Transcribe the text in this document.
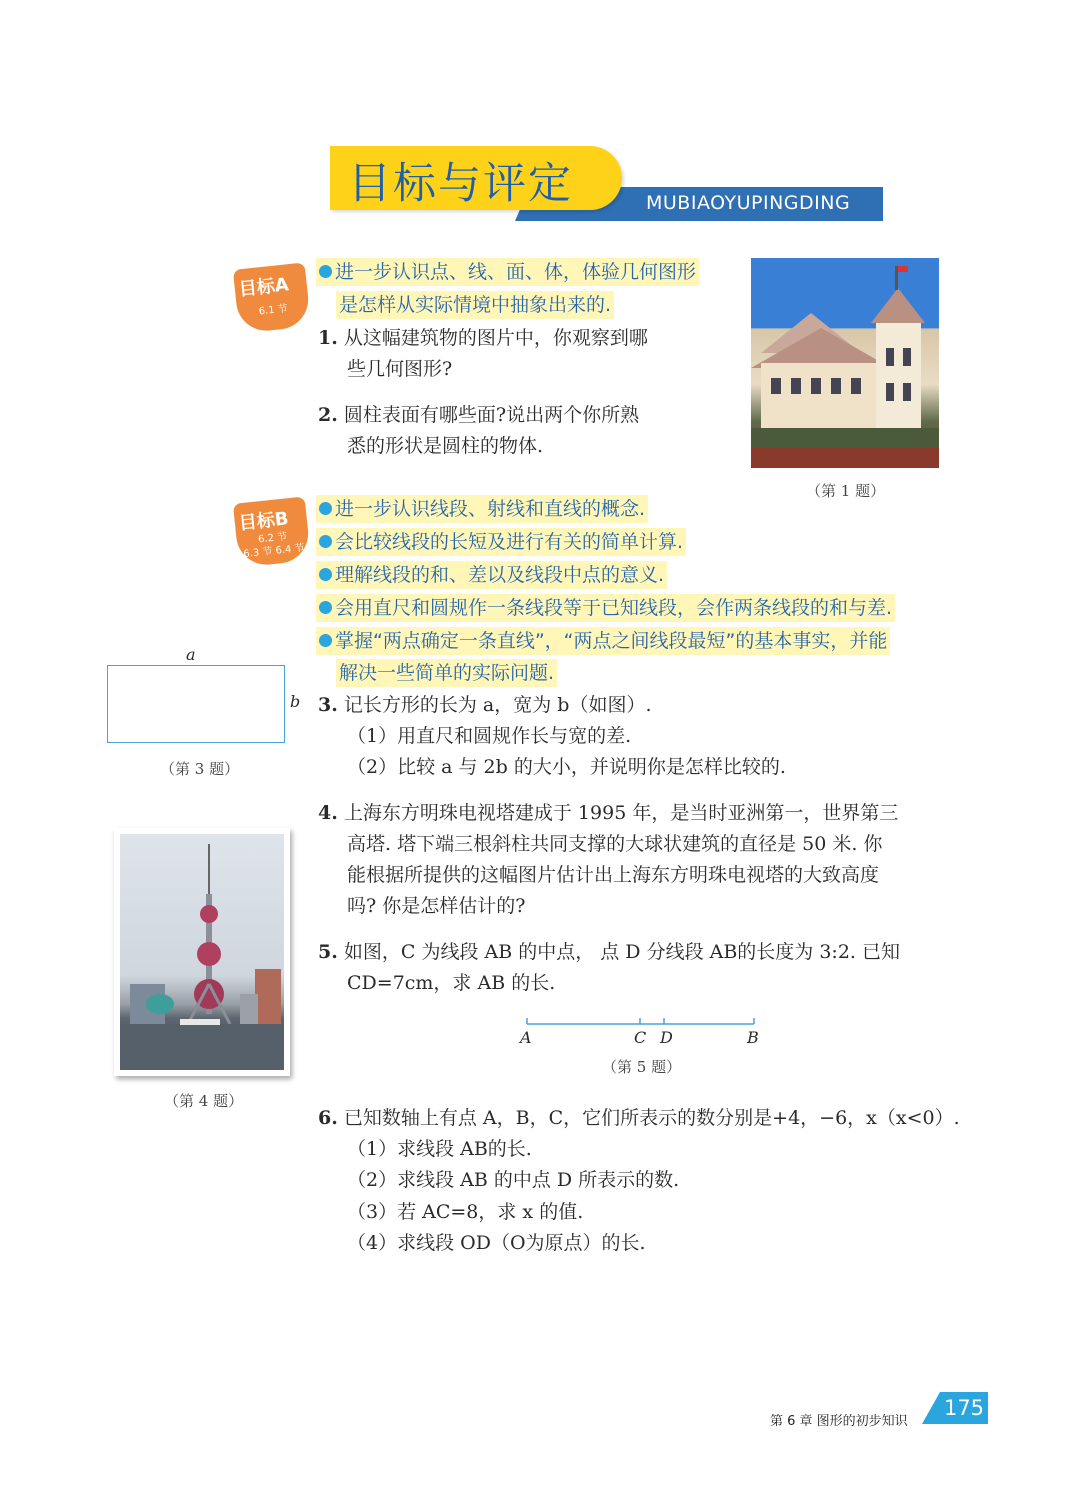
MUBIAOYUPINGDING
目标与评定
目标A
6.1 节
进一步认识点、线、面、体，体验几何图形
是怎样从实际情境中抽象出来的.
1. 从这幅建筑物的图片中，你观察到哪
些几何图形?
2. 圆柱表面有哪些面?说出两个你所熟
悉的形状是圆柱的物体.
（第 1 题）
目标B
6.2 节
6.3 节 6.4 节
进一步认识线段、射线和直线的概念.
会比较线段的长短及进行有关的简单计算.
理解线段的和、差以及线段中点的意义.
会用直尺和圆规作一条线段等于已知线段，会作两条线段的和与差.
掌握“两点确定一条直线”，“两点之间线段最短”的基本事实，并能
解决一些简单的实际问题.
a
b
（第 3 题）
3. 记长方形的长为 a，宽为 b（如图）.
（1）用直尺和圆规作长与宽的差.
（2）比较 a 与 2b 的大小，并说明你是怎样比较的.
（第 4 题）
4. 上海东方明珠电视塔建成于 1995 年，是当时亚洲第一，世界第三
高塔. 塔下端三根斜柱共同支撑的大球状建筑的直径是 50 米. 你
能根据所提供的这幅图片估计出上海东方明珠电视塔的大致高度
吗? 你是怎样估计的?
5. 如图，C 为线段 AB 的中点， 点 D 分线段 AB的长度为 3:2. 已知
CD=7cm，求 AB 的长.
A	C D	B
（第 5 题）
6. 已知数轴上有点 A，B，C，它们所表示的数分别是+4，−6，x（x<0）.
（1）求线段 AB的长.
（2）求线段 AB 的中点 D 所表示的数.
（3）若 AC=8，求 x 的值.
（4）求线段 OD（O为原点）的长.
第 6 章 图形的初步知识
175
